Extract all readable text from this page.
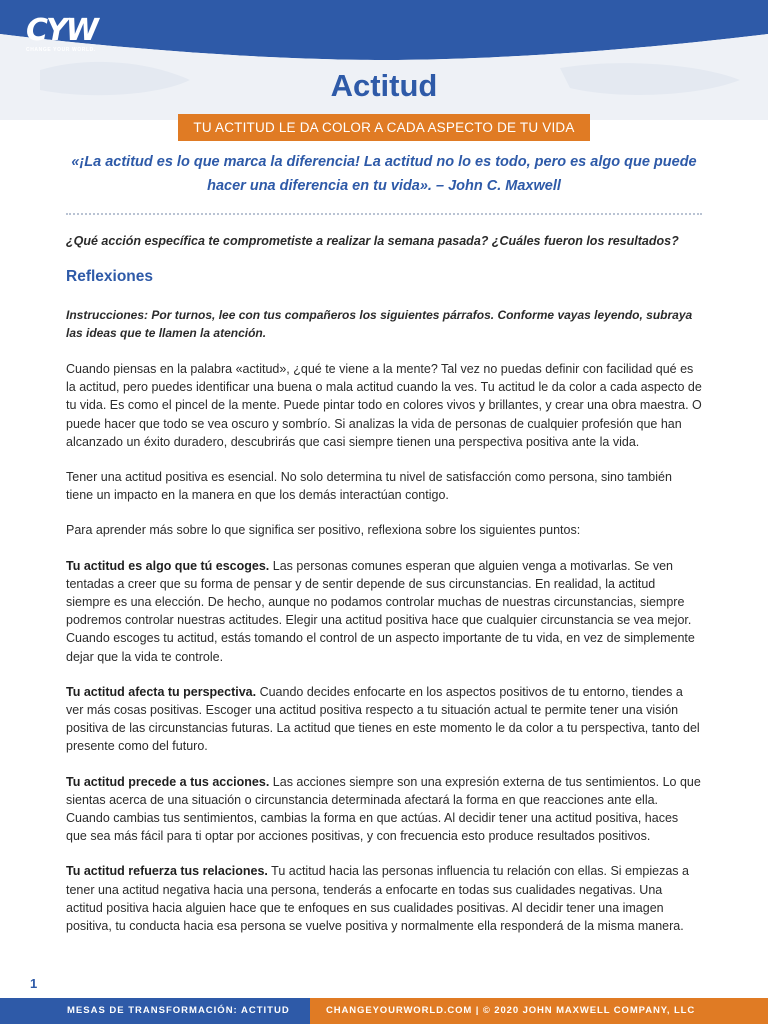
CYW
CHANGE YOUR WORLD.
Actitud
TU ACTITUD LE DA COLOR A CADA ASPECTO DE TU VIDA
«¡La actitud es lo que marca la diferencia! La actitud no lo es todo, pero es algo que puede hacer una diferencia en tu vida». – John C. Maxwell
¿Qué acción específica te comprometiste a realizar la semana pasada? ¿Cuáles fueron los resultados?
Reflexiones
Instrucciones: Por turnos, lee con tus compañeros los siguientes párrafos. Conforme vayas leyendo, subraya las ideas que te llamen la atención.

Cuando piensas en la palabra «actitud», ¿qué te viene a la mente? Tal vez no puedas definir con facilidad qué es la actitud, pero puedes identificar una buena o mala actitud cuando la ves. Tu actitud le da color a cada aspecto de tu vida. Es como el pincel de la mente. Puede pintar todo en colores vivos y brillantes, y crear una obra maestra. O puede hacer que todo se vea oscuro y sombrío. Si analizas la vida de personas de cualquier profesión que han alcanzado un éxito duradero, descubrirás que casi siempre tienen una perspectiva positiva ante la vida.

Tener una actitud positiva es esencial. No solo determina tu nivel de satisfacción como persona, sino también tiene un impacto en la manera en que los demás interactúan contigo.

Para aprender más sobre lo que significa ser positivo, reflexiona sobre los siguientes puntos:

Tu actitud es algo que tú escoges. Las personas comunes esperan que alguien venga a motivarlas. Se ven tentadas a creer que su forma de pensar y de sentir depende de sus circunstancias. En realidad, la actitud siempre es una elección. De hecho, aunque no podamos controlar muchas de nuestras circunstancias, siempre podremos controlar nuestras actitudes. Elegir una actitud positiva hace que cualquier circunstancia se vea mejor. Cuando escoges tu actitud, estás tomando el control de un aspecto importante de tu vida, en vez de simplemente dejar que la vida te controle.

Tu actitud afecta tu perspectiva. Cuando decides enfocarte en los aspectos positivos de tu entorno, tiendes a ver más cosas positivas. Escoger una actitud positiva respecto a tu situación actual te permite tener una visión positiva de las circunstancias futuras. La actitud que tienes en este momento le da color a tu perspectiva, tanto del presente como del futuro.

Tu actitud precede a tus acciones. Las acciones siempre son una expresión externa de tus sentimientos. Lo que sientas acerca de una situación o circunstancia determinada afectará la forma en que reacciones ante ella. Cuando cambias tus sentimientos, cambias la forma en que actúas. Al decidir tener una actitud positiva, haces que sea más fácil para ti optar por acciones positivas, y con frecuencia esto produce resultados positivos.

Tu actitud refuerza tus relaciones. Tu actitud hacia las personas influencia tu relación con ellas. Si empiezas a tener una actitud negativa hacia una persona, tenderás a enfocarte en todas sus cualidades negativas. Una actitud positiva hacia alguien hace que te enfoques en sus cualidades positivas. Al decidir tener una imagen positiva, tu conducta hacia esa persona se vuelve positiva y normalmente ella responderá de la misma manera.

1
MESAS DE TRANSFORMACIÓN: ACTITUD	CHANGEYOURWORLD.COM | © 2020 JOHN MAXWELL COMPANY, LLC
